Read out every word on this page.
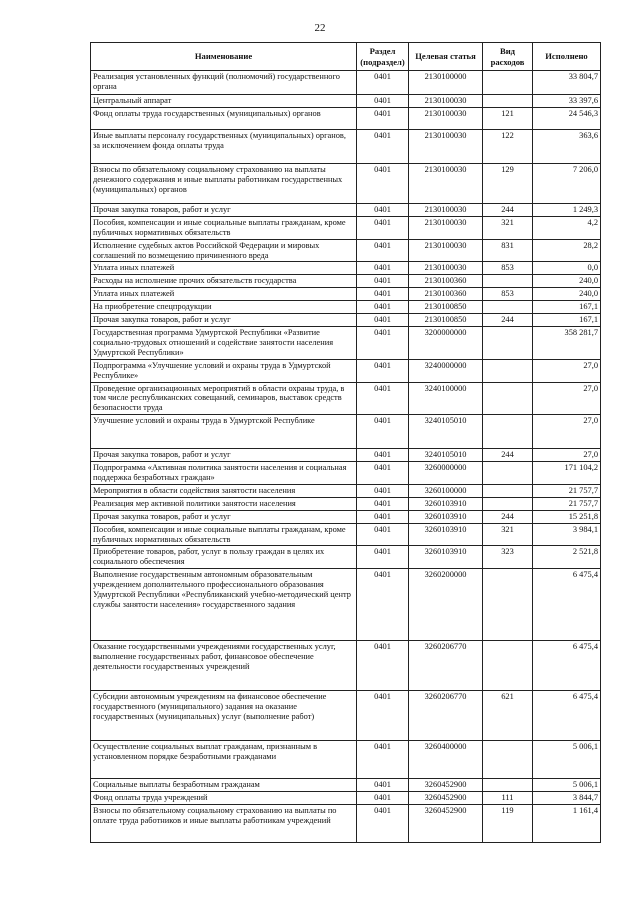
22
Наименование	Раздел (подраздел)	Целевая статья	Вид расходов	Исполнено
Реализация установленных функций (полномочий) государственного органа	0401	2130100000		33 804,7
Центральный аппарат	0401	2130100030		33 397,6
Фонд оплаты труда государственных (муниципальных) органов	0401	2130100030	121	24 546,3
Иные выплаты персоналу государственных (муниципальных) органов, за исключением фонда оплаты труда	0401	2130100030	122	363,6
Взносы по обязательному социальному страхованию на выплаты денежного содержания и иные выплаты работникам государственных (муниципальных) органов	0401	2130100030	129	7 206,0
Прочая закупка товаров, работ и услуг	0401	2130100030	244	1 249,3
Пособия, компенсации и иные социальные выплаты гражданам, кроме публичных нормативных обязательств	0401	2130100030	321	4,2
Исполнение судебных актов Российской Федерации и мировых соглашений по возмещению причиненного вреда	0401	2130100030	831	28,2
Уплата иных платежей	0401	2130100030	853	0,0
Расходы на исполнение прочих обязательств государства	0401	2130100360		240,0
Уплата иных платежей	0401	2130100360	853	240,0
На приобретение спецпродукции	0401	2130100850		167,1
Прочая закупка товаров, работ и услуг	0401	2130100850	244	167,1
Государственная программа Удмуртской Республики «Развитие социально-трудовых отношений и содействие занятости населения Удмуртской Республики»	0401	3200000000		358 281,7
Подпрограмма «Улучшение условий и охраны труда в Удмуртской Республике»	0401	3240000000		27,0
Проведение организационных мероприятий в области охраны труда, в том числе республиканских совещаний, семинаров, выставок средств безопасности труда	0401	3240100000		27,0
Улучшение условий и охраны труда в Удмуртской Республике	0401	3240105010		27,0
Прочая закупка товаров, работ и услуг	0401	3240105010	244	27,0
Подпрограмма «Активная политика занятости населения и социальная поддержка безработных граждан»	0401	3260000000		171 104,2
Мероприятия в области содействия занятости населения	0401	3260100000		21 757,7
Реализация мер активной политики занятости населения	0401	3260103910		21 757,7
Прочая закупка товаров, работ и услуг	0401	3260103910	244	15 251,8
Пособия, компенсации и иные социальные выплаты гражданам, кроме публичных нормативных обязательств	0401	3260103910	321	3 984,1
Приобретение товаров, работ, услуг в пользу граждан в целях их социального обеспечения	0401	3260103910	323	2 521,8
Выполнение государственным автономным образовательным учреждением дополнительного профессионального образования Удмуртской Республики «Республиканский учебно-методический центр службы занятости населения» государственного задания	0401	3260200000		6 475,4
Оказание государственными учреждениями государственных услуг, выполнение государственных работ, финансовое обеспечение деятельности государственных учреждений	0401	3260206770		6 475,4
Субсидии автономным учреждениям на финансовое обеспечение государственного (муниципального) задания на оказание государственных (муниципальных) услуг (выполнение работ)	0401	3260206770	621	6 475,4
Осуществление социальных выплат гражданам, признанным в установленном порядке безработными гражданами	0401	3260400000		5 006,1
Социальные выплаты безработным гражданам	0401	3260452900		5 006,1
Фонд оплаты труда учреждений	0401	3260452900	111	3 844,7
Взносы по обязательному социальному страхованию на выплаты по оплате труда работников и иные выплаты работникам учреждений	0401	3260452900	119	1 161,4
